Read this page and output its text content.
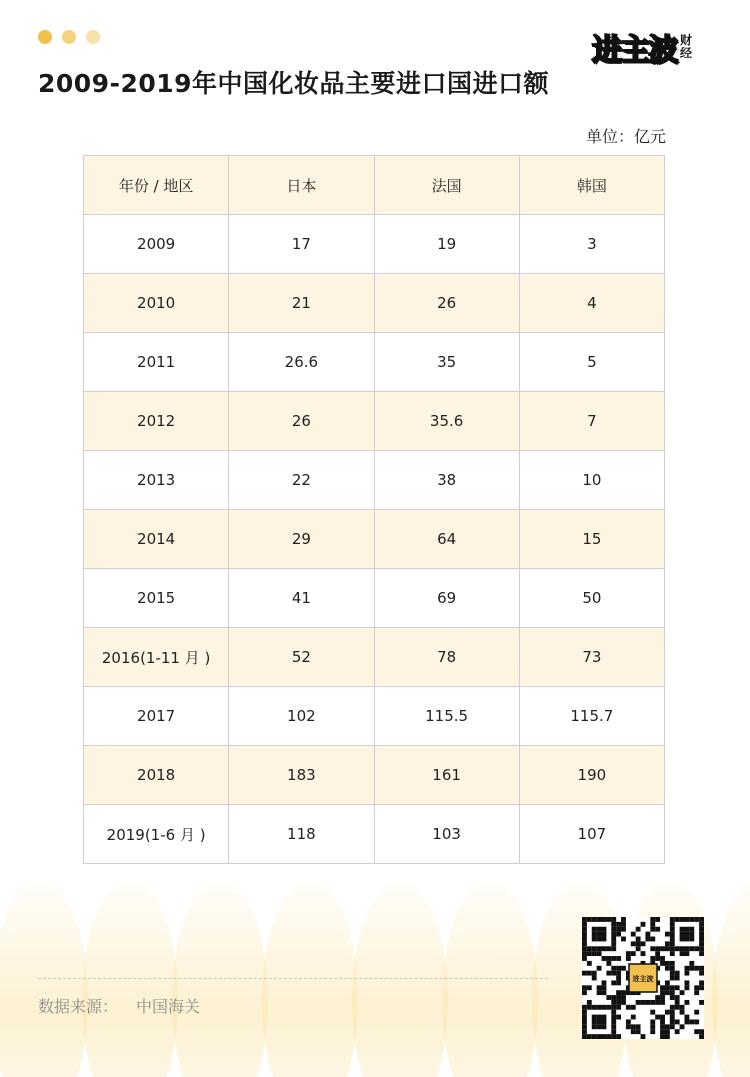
进主波 财经
2009-2019年中国化妆品主要进口国进口额
单位：亿元
年份 / 地区	日本	法国	韩国
2009	17	19	3
2010	21	26	4
2011	26.6	35	5
2012	26	35.6	7
2013	22	38	10
2014	29	64	15
2015	41	69	50
2016(1-11 月 )	52	78	73
2017	102	115.5	115.7
2018	183	161	190
2019(1-6 月 )	118	103	107
数据来源： 中国海关
进主波
